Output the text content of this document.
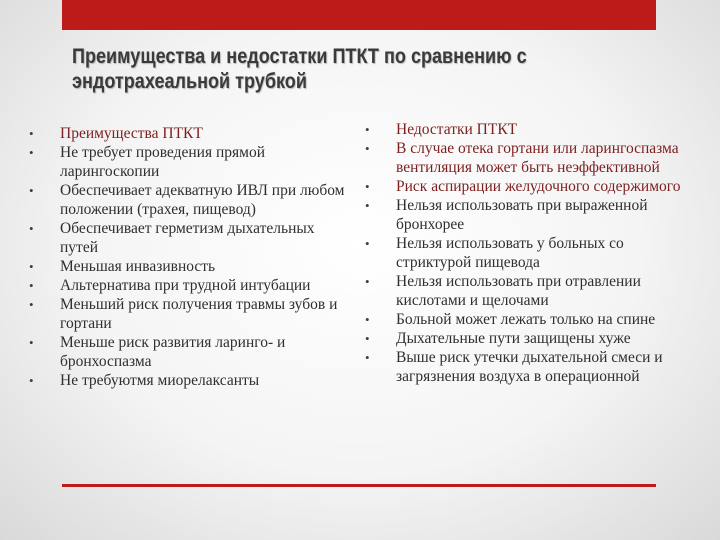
Преимущества и недостатки ПТКТ по сравнению с эндотрахеальной трубкой
• Преимущества ПТКТ
• Не требует проведения прямой ларингоскопии
• Обеспечивает адекватную ИВЛ при любом положении (трахея, пищевод)
• Обеспечивает герметизм дыхательных путей
• Меньшая инвазивность
• Альтернатива при трудной интубации
• Меньший риск получения травмы зубов и гортани
• Меньше риск развития ларинго- и бронхоспазма
• Не требуютмя миорелаксанты
• Недостатки ПТКТ
• В случае отека гортани или ларингоспазма вентиляция может быть неэффективной
• Риск аспирации желудочного содержимого
• Нельзя использовать при выраженной бронхорее
• Нельзя использовать у больных со стриктурой пищевода
• Нельзя использовать при отравлении кислотами и щелочами
• Больной может лежать только на спине
• Дыхательные пути защищены хуже
• Выше риск утечки дыхательной смеси и загрязнения воздуха в операционной
